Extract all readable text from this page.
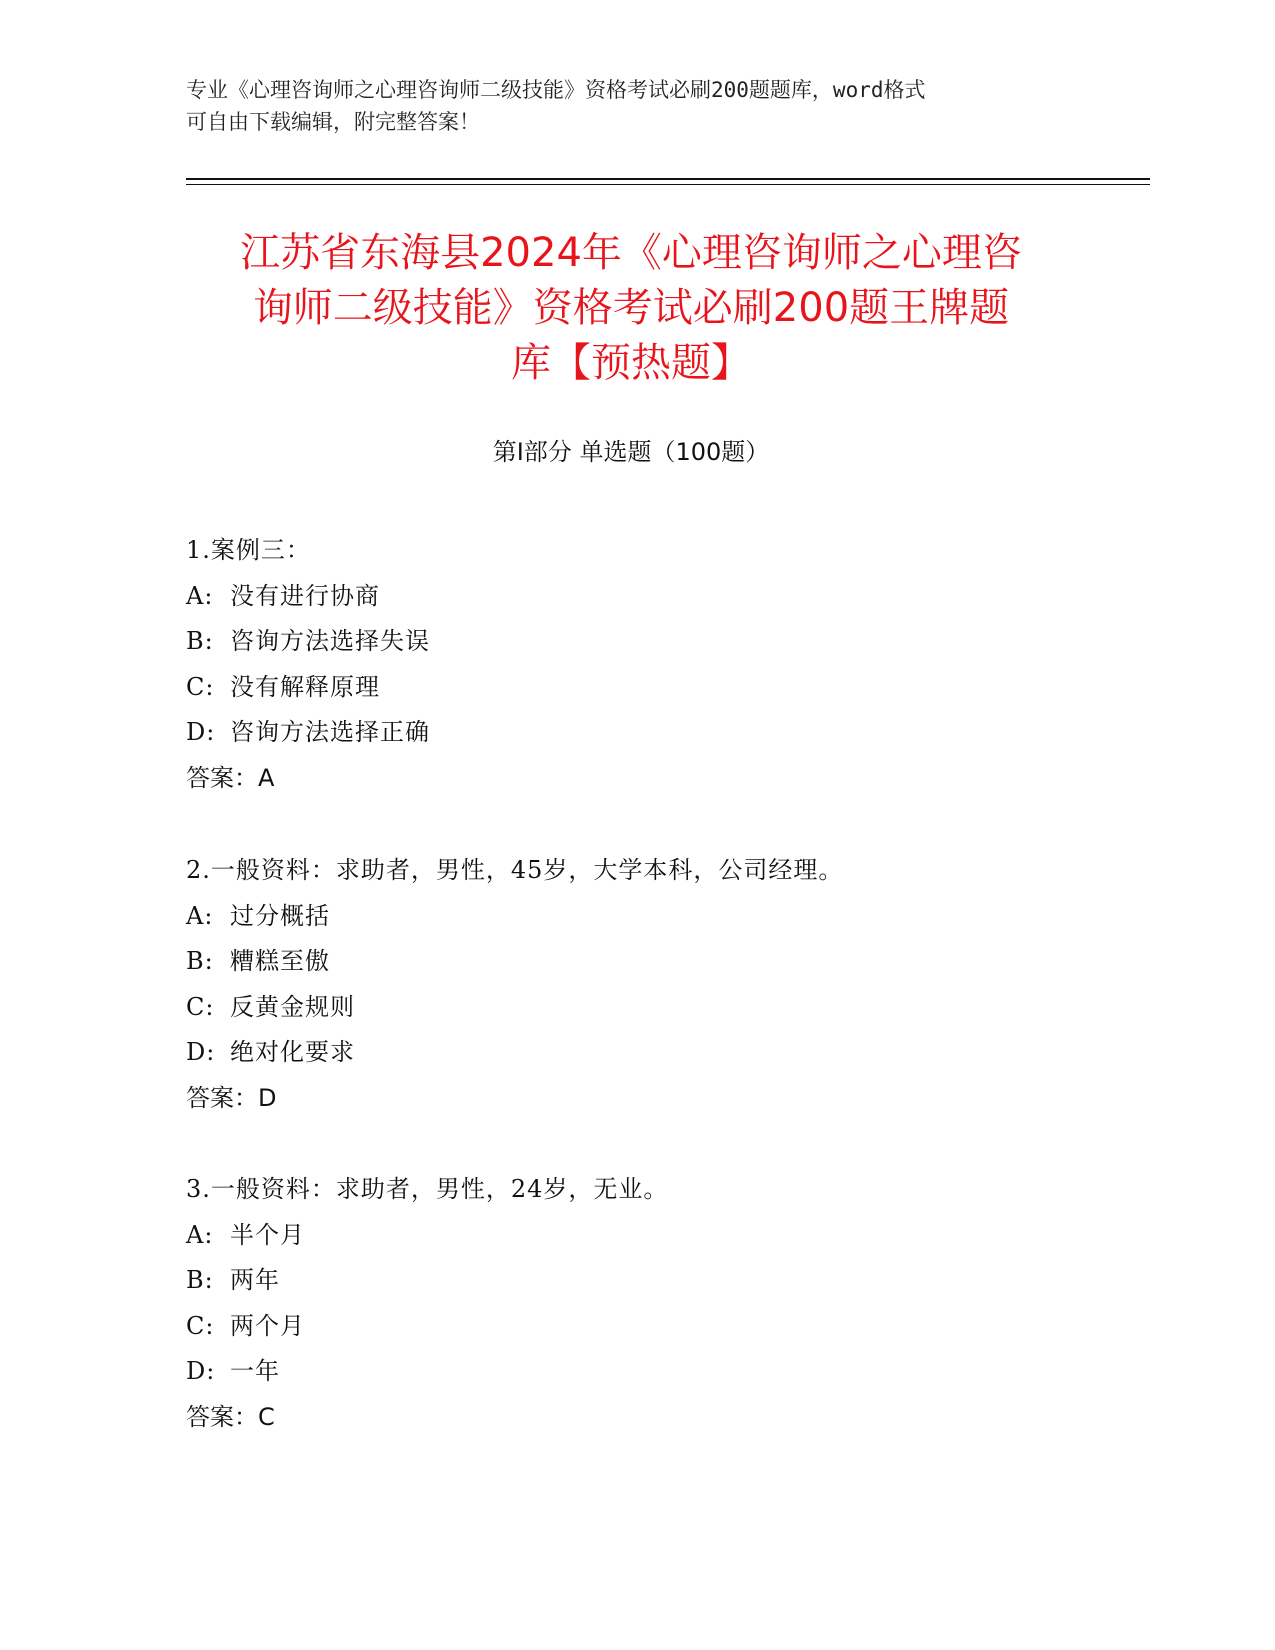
专业《心理咨询师之心理咨询师二级技能》资格考试必刷200题题库，word格式
可自由下载编辑，附完整答案！
江苏省东海县2024年《心理咨询师之心理咨
询师二级技能》资格考试必刷200题王牌题
库【预热题】
第Ⅰ部分 单选题（100题）
1.案例三：
A: 没有进行协商
B: 咨询方法选择失误
C: 没有解释原理
D: 咨询方法选择正确
答案：A
2.一般资料：求助者，男性，45岁，大学本科，公司经理。
A: 过分概括
B: 糟糕至傲
C: 反黄金规则
D: 绝对化要求
答案：D
3.一般资料：求助者，男性，24岁，无业。
A: 半个月
B: 两年
C: 两个月
D: 一年
答案：C
